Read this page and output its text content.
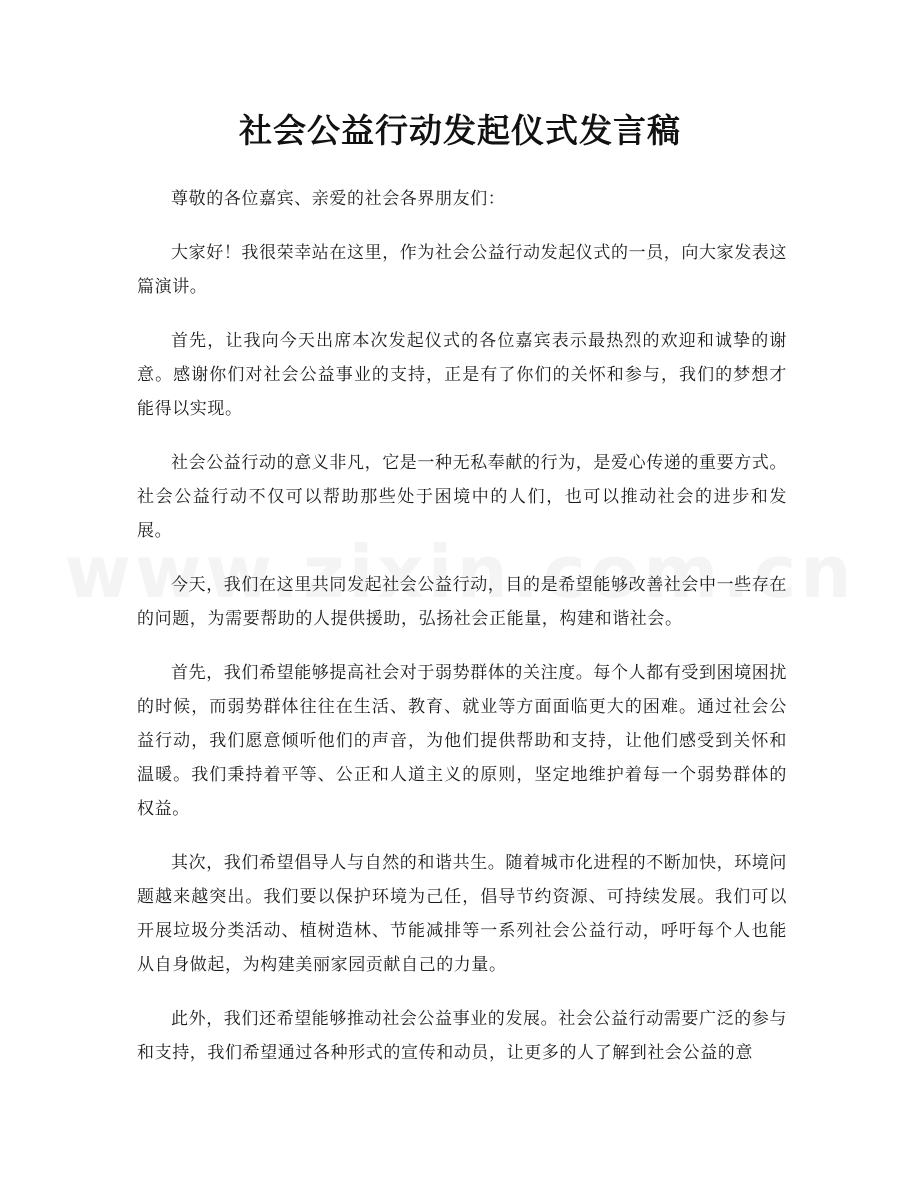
社会公益行动发起仪式发言稿

尊敬的各位嘉宾、亲爱的社会各界朋友们：

大家好！我很荣幸站在这里，作为社会公益行动发起仪式的一员，向大家发表这篇演讲。

首先，让我向今天出席本次发起仪式的各位嘉宾表示最热烈的欢迎和诚挚的谢意。感谢你们对社会公益事业的支持，正是有了你们的关怀和参与，我们的梦想才能得以实现。

社会公益行动的意义非凡，它是一种无私奉献的行为，是爱心传递的重要方式。社会公益行动不仅可以帮助那些处于困境中的人们，也可以推动社会的进步和发展。

今天，我们在这里共同发起社会公益行动，目的是希望能够改善社会中一些存在的问题，为需要帮助的人提供援助，弘扬社会正能量，构建和谐社会。

首先，我们希望能够提高社会对于弱势群体的关注度。每个人都有受到困境困扰的时候，而弱势群体往往在生活、教育、就业等方面面临更大的困难。通过社会公益行动，我们愿意倾听他们的声音，为他们提供帮助和支持，让他们感受到关怀和温暖。我们秉持着平等、公正和人道主义的原则，坚定地维护着每一个弱势群体的权益。

其次，我们希望倡导人与自然的和谐共生。随着城市化进程的不断加快，环境问题越来越突出。我们要以保护环境为己任，倡导节约资源、可持续发展。我们可以开展垃圾分类活动、植树造林、节能减排等一系列社会公益行动，呼吁每个人也能从自身做起，为构建美丽家园贡献自己的力量。

此外，我们还希望能够推动社会公益事业的发展。社会公益行动需要广泛的参与和支持，我们希望通过各种形式的宣传和动员，让更多的人了解到社会公益的意
